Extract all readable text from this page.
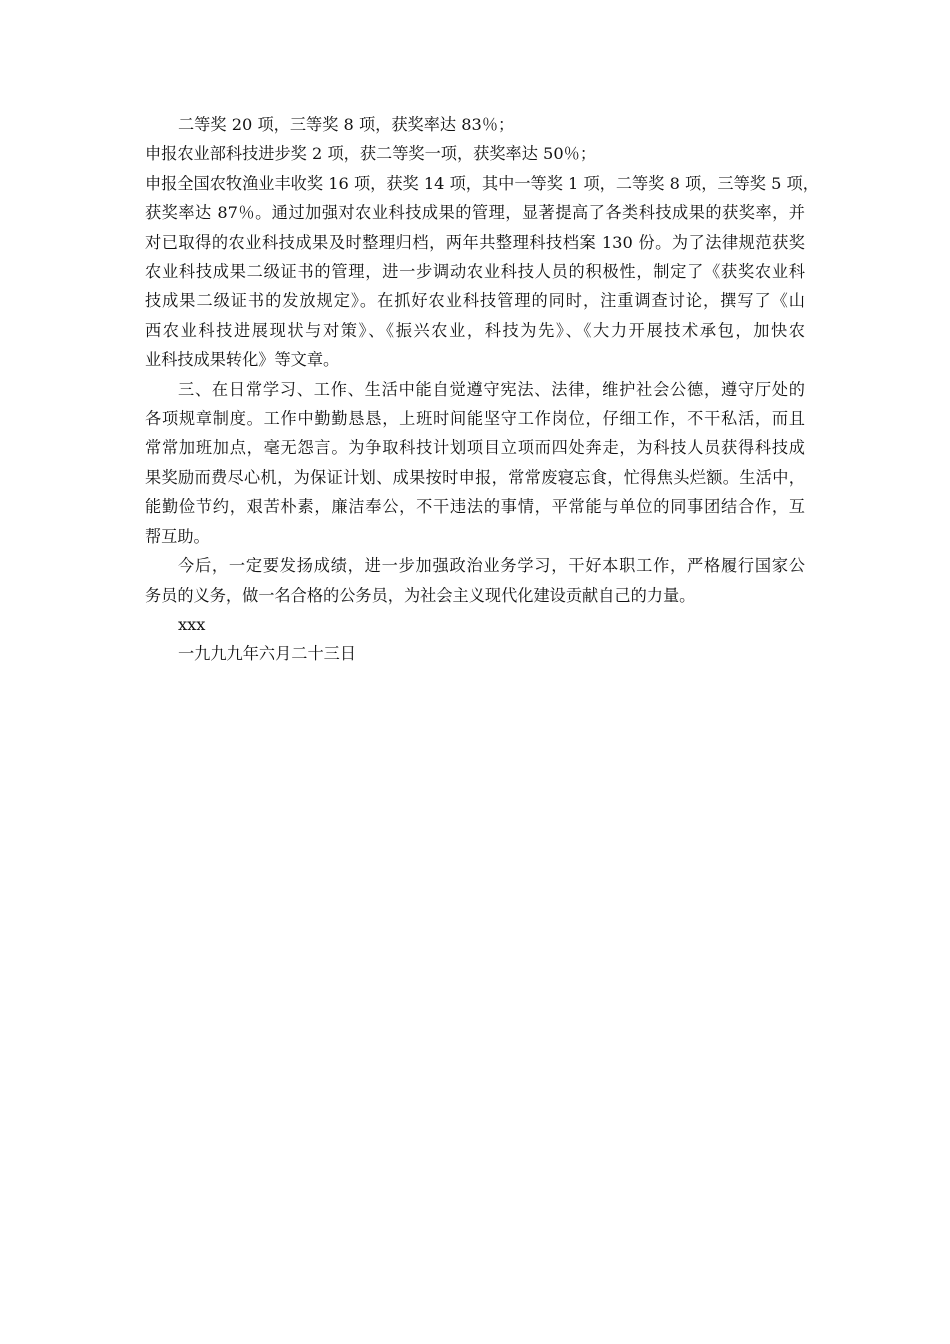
二等奖 20 项，三等奖 8 项，获奖率达 83％；
申报农业部科技进步奖 2 项，获二等奖一项，获奖率达 50％；
申报全国农牧渔业丰收奖 16 项，获奖 14 项，其中一等奖 1 项，二等奖 8 项，三等奖 5 项，
获奖率达 87％。通过加强对农业科技成果的管理，显著提高了各类科技成果的获奖率，并
对已取得的农业科技成果及时整理归档，两年共整理科技档案 130 份。为了法律规范获奖
农业科技成果二级证书的管理，进一步调动农业科技人员的积极性，制定了《获奖农业科
技成果二级证书的发放规定》。在抓好农业科技管理的同时，注重调查讨论，撰写了《山
西农业科技进展现状与对策》、《振兴农业，科技为先》、《大力开展技术承包，加快农
业科技成果转化》等文章。
三、在日常学习、工作、生活中能自觉遵守宪法、法律，维护社会公德，遵守厅处的
各项规章制度。工作中勤勤恳恳，上班时间能坚守工作岗位，仔细工作，不干私活，而且
常常加班加点，毫无怨言。为争取科技计划项目立项而四处奔走，为科技人员获得科技成
果奖励而费尽心机，为保证计划、成果按时申报，常常废寝忘食，忙得焦头烂额。生活中，
能勤俭节约，艰苦朴素，廉洁奉公，不干违法的事情，平常能与单位的同事团结合作，互
帮互助。
今后，一定要发扬成绩，进一步加强政治业务学习，干好本职工作，严格履行国家公
务员的义务，做一名合格的公务员，为社会主义现代化建设贡献自己的力量。
xxx
一九九九年六月二十三日
